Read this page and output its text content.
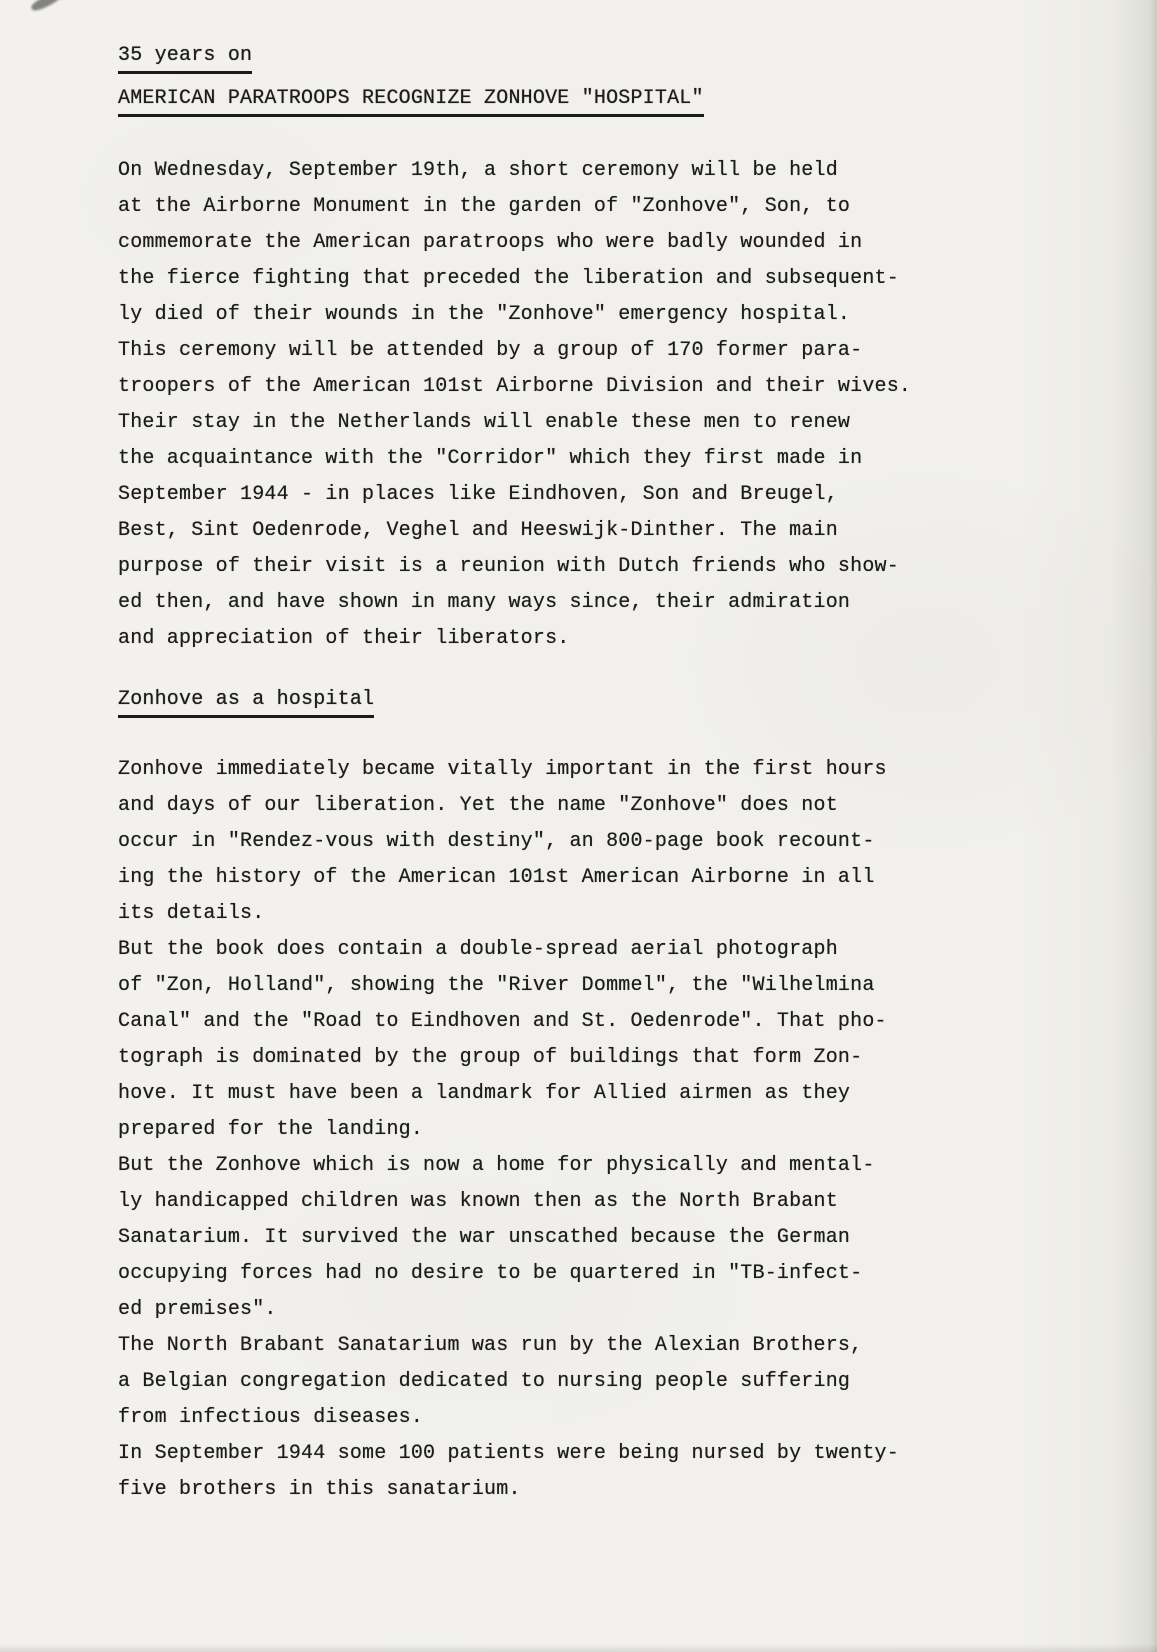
35 years on
AMERICAN PARATROOPS RECOGNIZE ZONHOVE "HOSPITAL"
On Wednesday, September 19th, a short ceremony will be held
at the Airborne Monument in the garden of "Zonhove", Son, to
commemorate the American paratroops who were badly wounded in
the fierce fighting that preceded the liberation and subsequent-
ly died of their wounds in the "Zonhove" emergency hospital.
This ceremony will be attended by a group of 170 former para-
troopers of the American 101st Airborne Division and their wives.
Their stay in the Netherlands will enable these men to renew
the acquaintance with the "Corridor" which they first made in
September 1944 - in places like Eindhoven, Son and Breugel,
Best, Sint Oedenrode, Veghel and Heeswijk-Dinther. The main
purpose of their visit is a reunion with Dutch friends who show-
ed then, and have shown in many ways since, their admiration
and appreciation of their liberators.
Zonhove as a hospital
Zonhove immediately became vitally important in the first hours
and days of our liberation. Yet the name "Zonhove" does not
occur in "Rendez-vous with destiny", an 800-page book recount-
ing the history of the American 101st American Airborne in all
its details.
But the book does contain a double-spread aerial photograph
of "Zon, Holland", showing the "River Dommel", the "Wilhelmina
Canal" and the "Road to Eindhoven and St. Oedenrode". That pho-
tograph is dominated by the group of buildings that form Zon-
hove. It must have been a landmark for Allied airmen as they
prepared for the landing.
But the Zonhove which is now a home for physically and mental-
ly handicapped children was known then as the North Brabant
Sanatarium. It survived the war unscathed because the German
occupying forces had no desire to be quartered in "TB-infect-
ed premises".
The North Brabant Sanatarium was run by the Alexian Brothers,
a Belgian congregation dedicated to nursing people suffering
from infectious diseases.
In September 1944 some 100 patients were being nursed by twenty-
five brothers in this sanatarium.
